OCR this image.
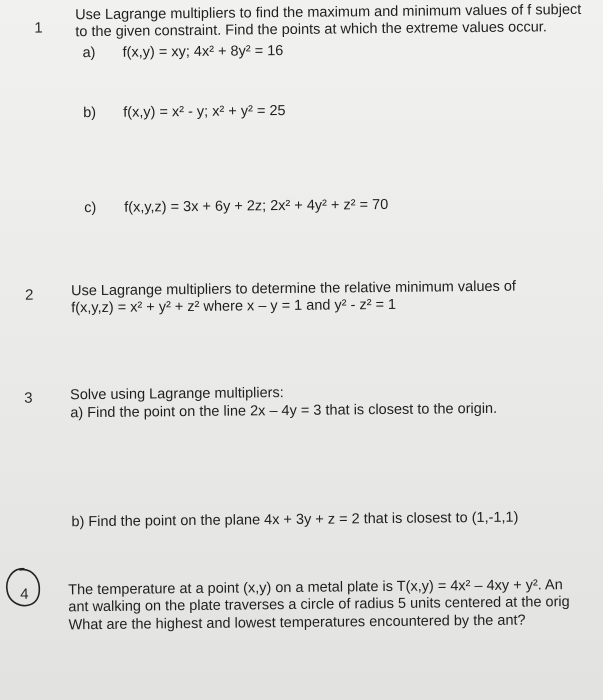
1
Use Lagrange multipliers to find the maximum and minimum values of f subject
to the given constraint. Find the points at which the extreme values occur.
a) f(x,y) = xy; 4x² + 8y² = 16
b) f(x,y) = x² - y; x² + y² = 25
c) f(x,y,z) = 3x + 6y + 2z; 2x² + 4y² + z² = 70
2	Use Lagrange multipliers to determine the relative minimum values of
f(x,y,z) = x² + y² + z² where x – y = 1 and y² - z² = 1
3	Solve using Lagrange multipliers:
a) Find the point on the line 2x – 4y = 3 that is closest to the origin.
b) Find the point on the plane 4x + 3y + z = 2 that is closest to (1,-1,1)
4	The temperature at a point (x,y) on a metal plate is T(x,y) = 4x² – 4xy + y². An
ant walking on the plate traverses a circle of radius 5 units centered at the orig
What are the highest and lowest temperatures encountered by the ant?
